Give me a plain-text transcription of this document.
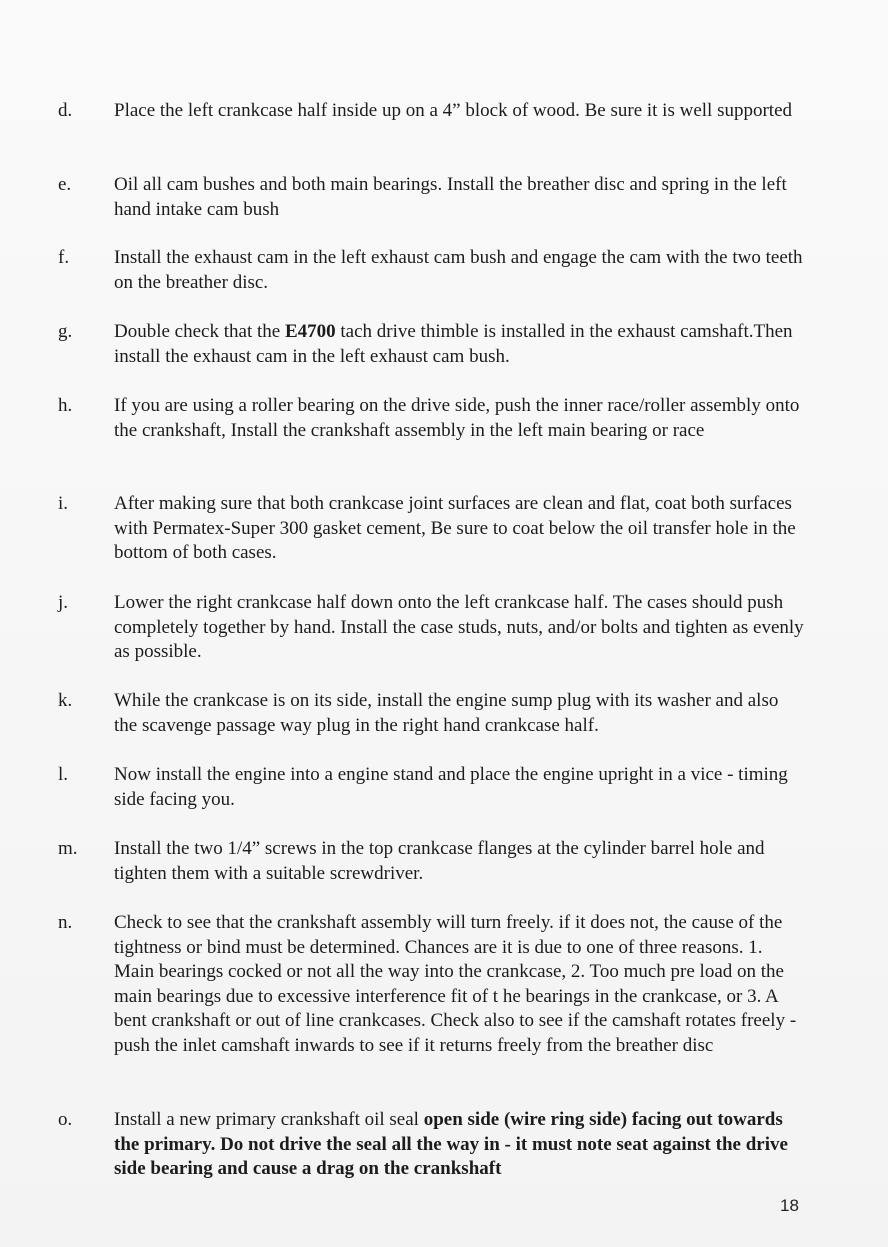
d. Place the left crankcase half inside up on a 4” block of wood. Be sure it is well supported
e. Oil all cam bushes and both main bearings. Install the breather disc and spring in the left hand intake cam bush
f. Install the exhaust cam in the left exhaust cam bush and engage the cam with the two teeth on the breather disc.
g. Double check that the E4700 tach drive thimble is installed in the exhaust camshaft.Then install the exhaust cam in the left exhaust cam bush.
h. If you are using a roller bearing on the drive side, push the inner race/roller assembly onto the crankshaft, Install the crankshaft assembly in the left main bearing or race
i. After making sure that both crankcase joint surfaces are clean and flat, coat both surfaces with Permatex-Super 300 gasket cement, Be sure to coat below the oil transfer hole in the bottom of both cases.
j. Lower the right crankcase half down onto the left crankcase half. The cases should push completely together by hand. Install the case studs, nuts, and/or bolts and tighten as evenly as possible.
k. While the crankcase is on its side, install the engine sump plug with its washer and also the scavenge passage way plug in the right hand crankcase half.
l. Now install the engine into a engine stand and place the engine upright in a vice - timing side facing you.
m. Install the two 1/4” screws in the top crankcase flanges at the cylinder barrel hole and tighten them with a suitable screwdriver.
n. Check to see that the crankshaft assembly will turn freely. if it does not, the cause of the tightness or bind must be determined. Chances are it is due to one of three reasons. 1. Main bearings cocked or not all the way into the crankcase, 2. Too much pre load on the main bearings due to excessive interference fit of t he bearings in the crankcase, or 3. A bent crankshaft or out of line crankcases. Check also to see if the camshaft rotates freely - push the inlet camshaft inwards to see if it returns freely from the breather disc
o. Install a new primary crankshaft oil seal open side (wire ring side) facing out towards the primary. Do not drive the seal all the way in - it must note seat against the drive side bearing and cause a drag on the crankshaft
18
